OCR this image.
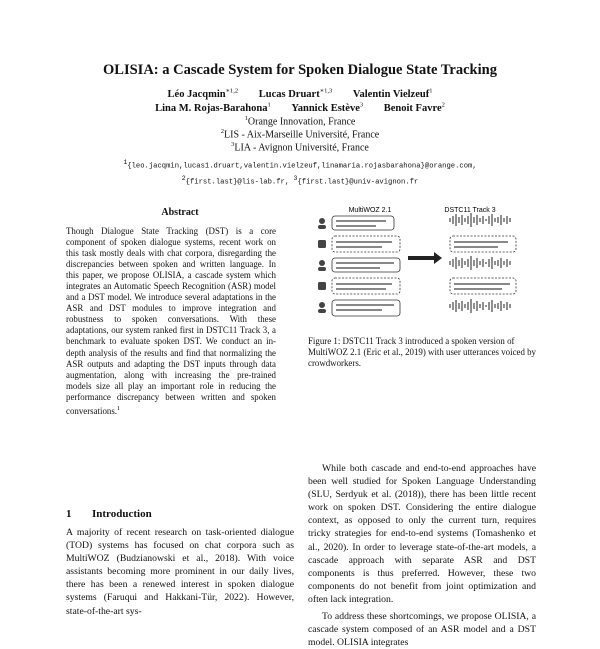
OLISIA: a Cascade System for Spoken Dialogue State Tracking
Léo Jacqmin$^{∗1,2}$ Lucas Druart$^{∗1,3}$ Valentin Vielzeuf$^1$
Lina M. Rojas-Barahona$^1$ Yannick Estève$^3$ Benoit Favre$^2$
$^1$Orange Innovation, France
$^2$LIS - Aix-Marseille Université, France
$^3$LIA - Avignon Université, France
$^1${leo.jacqmin,lucas1.druart,valentin.vielzeuf,linamaria.rojasbarahona}@orange.com,
$^2${first.last}@lis-lab.fr, $^3${first.last}@univ-avignon.fr
Abstract

Though Dialogue State Tracking (DST) is a core component of spoken dialogue systems, recent work on this task mostly deals with chat corpora, disregarding the discrepancies between spoken and written language. In this paper, we propose OLISIA, a cascade system which integrates an Automatic Speech Recognition (ASR) model and a DST model. We introduce several adaptations in the ASR and DST modules to improve integration and robustness to spoken conversations. With these adaptations, our system ranked first in DSTC11 Track 3, a benchmark to evaluate spoken DST. We conduct an in-depth analysis of the results and find that normalizing the ASR outputs and adapting the DST inputs through data augmentation, along with increasing the pre-trained models size all play an important role in reducing the performance discrepancy between written and spoken conversations.$^1$

1 Introduction

A majority of recent research on task-oriented dialogue (TOD) systems has focused on chat corpora such as MultiWOZ (Budzianowski et al., 2018). With voice assistants becoming more prominent in our daily lives, there has been a renewed interest in spoken dialogue systems (Faruqui and Hakkani-Tür, 2022). However, state-of-the-art sys-

MultiWOZ 2.1	DSTC11 Track 3
Figure 1: DSTC11 Track 3 introduced a spoken version of MultiWOZ 2.1 (Eric et al., 2019) with user utterances voiced by crowdworkers.

While both cascade and end-to-end approaches have been well studied for Spoken Language Understanding (SLU, Serdyuk et al. (2018)), there has been little recent work on spoken DST. Considering the entire dialogue context, as opposed to only the current turn, requires tricky strategies for end-to-end systems (Tomashenko et al., 2020). In order to leverage state-of-the-art models, a cascade approach with separate ASR and DST components is thus preferred. However, these two components do not benefit from joint optimization and often lack integration.

To address these shortcomings, we propose OLISIA, a cascade system composed of an ASR model and a DST model. OLISIA integrates
